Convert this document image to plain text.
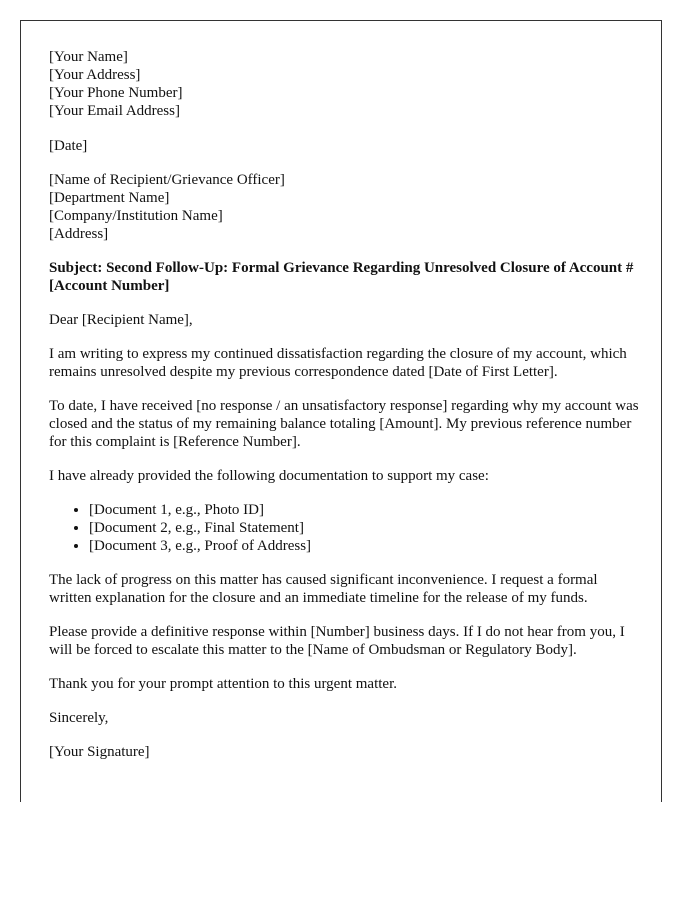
[Your Name]
[Your Address]
[Your Phone Number]
[Your Email Address]

[Date]

[Name of Recipient/Grievance Officer]
[Department Name]
[Company/Institution Name]
[Address]

Subject: Second Follow-Up: Formal Grievance Regarding Unresolved Closure of Account #[Account Number]

Dear [Recipient Name],

I am writing to express my continued dissatisfaction regarding the closure of my account, which remains unresolved despite my previous correspondence dated [Date of First Letter].

To date, I have received [no response / an unsatisfactory response] regarding why my account was closed and the status of my remaining balance totaling [Amount]. My previous reference number for this complaint is [Reference Number].

I have already provided the following documentation to support my case:

• [Document 1, e.g., Photo ID]
• [Document 2, e.g., Final Statement]
• [Document 3, e.g., Proof of Address]

The lack of progress on this matter has caused significant inconvenience. I request a formal written explanation for the closure and an immediate timeline for the release of my funds.

Please provide a definitive response within [Number] business days. If I do not hear from you, I will be forced to escalate this matter to the [Name of Ombudsman or Regulatory Body].

Thank you for your prompt attention to this urgent matter.

Sincerely,

[Your Signature]
